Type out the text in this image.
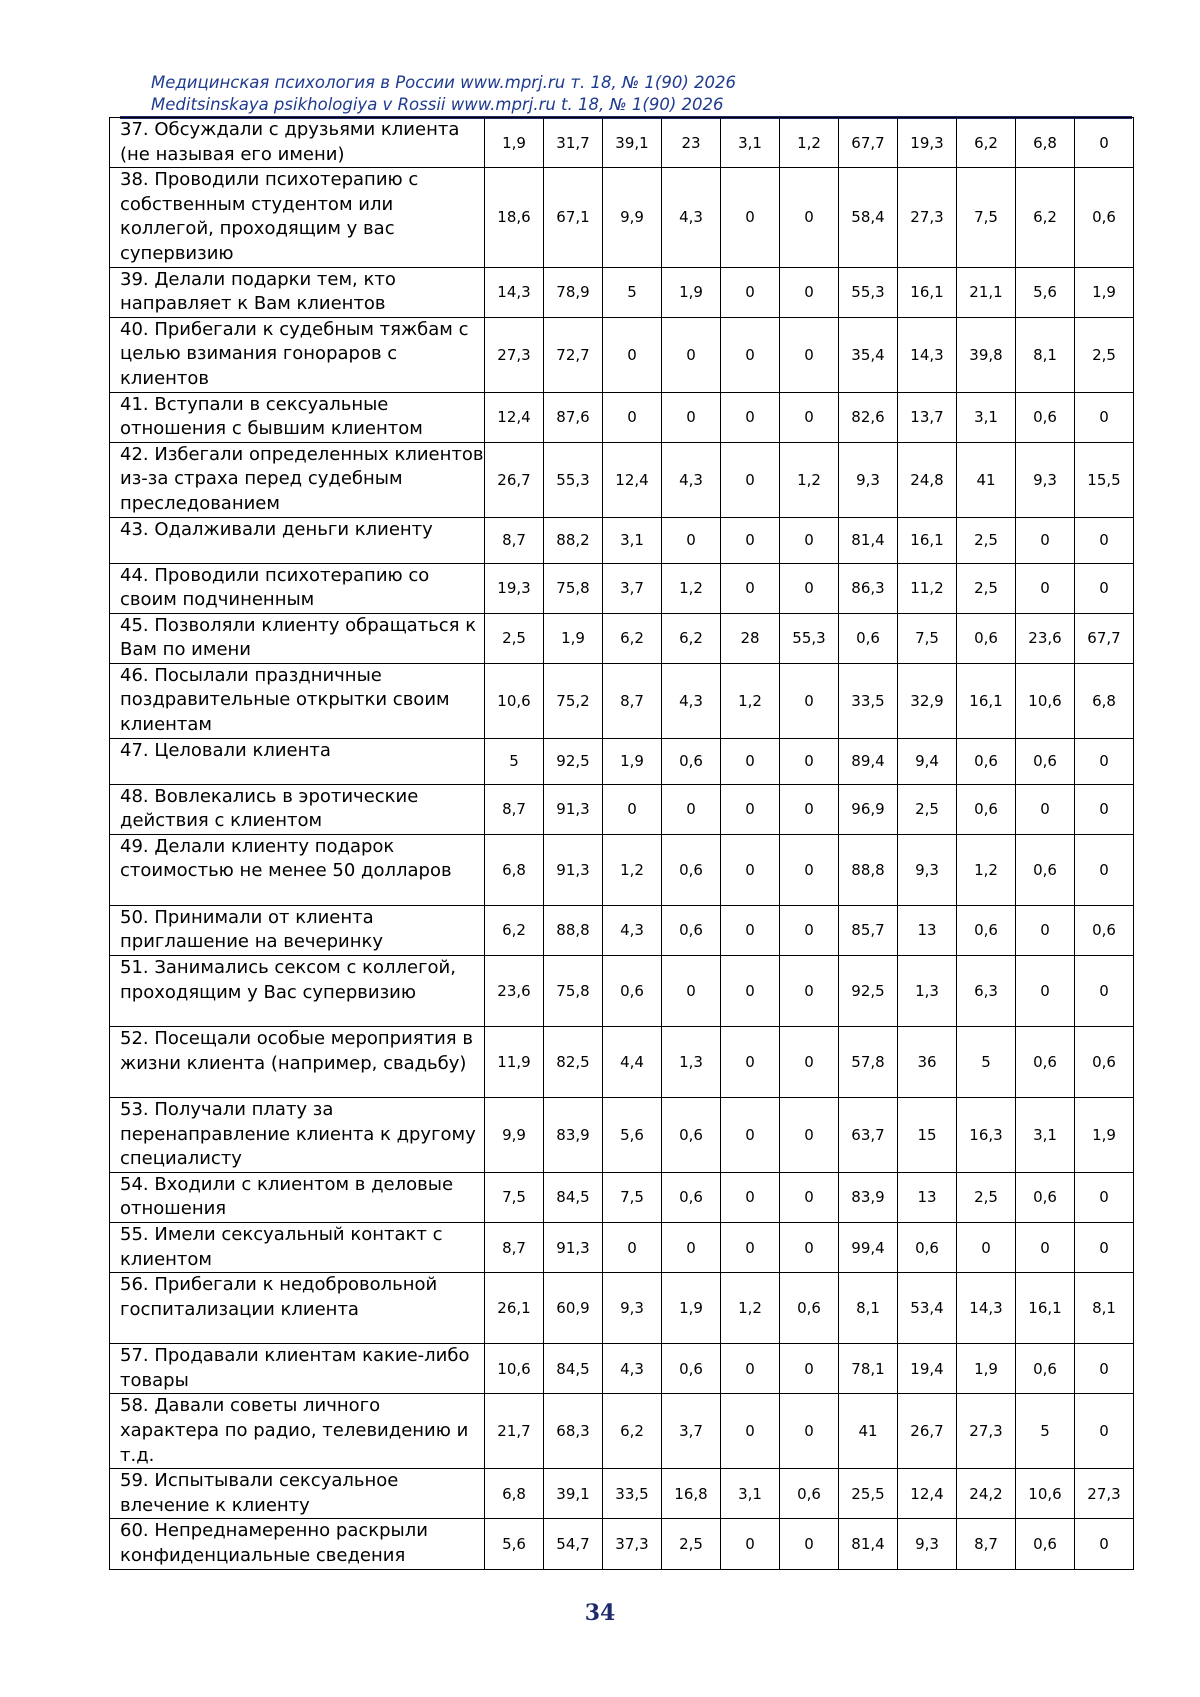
Медицинская психология в России www.mprj.ru т. 18, № 1(90) 2026
Meditsinskaya psikhologiya v Rossii www.mprj.ru t. 18, № 1(90) 2026
37. Обсуждали с друзьями клиента (не называя его имени)	1,9	31,7	39,1	23	3,1	1,2	67,7	19,3	6,2	6,8	0
38. Проводили психотерапию с собственным студентом или коллегой, проходящим у вас супервизию	18,6	67,1	9,9	4,3	0	0	58,4	27,3	7,5	6,2	0,6
39. Делали подарки тем, кто направляет к Вам клиентов	14,3	78,9	5	1,9	0	0	55,3	16,1	21,1	5,6	1,9
40. Прибегали к судебным тяжбам с целью взимания гонораров с клиентов	27,3	72,7	0	0	0	0	35,4	14,3	39,8	8,1	2,5
41. Вступали в сексуальные отношения с бывшим клиентом	12,4	87,6	0	0	0	0	82,6	13,7	3,1	0,6	0
42. Избегали определенных клиентов из-за страха перед судебным преследованием	26,7	55,3	12,4	4,3	0	1,2	9,3	24,8	41	9,3	15,5
43. Одалживали деньги клиенту	8,7	88,2	3,1	0	0	0	81,4	16,1	2,5	0	0
44. Проводили психотерапию со своим подчиненным	19,3	75,8	3,7	1,2	0	0	86,3	11,2	2,5	0	0
45. Позволяли клиенту обращаться к Вам по имени	2,5	1,9	6,2	6,2	28	55,3	0,6	7,5	0,6	23,6	67,7
46. Посылали праздничные поздравительные открытки своим клиентам	10,6	75,2	8,7	4,3	1,2	0	33,5	32,9	16,1	10,6	6,8
47. Целовали клиента	5	92,5	1,9	0,6	0	0	89,4	9,4	0,6	0,6	0
48. Вовлекались в эротические действия с клиентом	8,7	91,3	0	0	0	0	96,9	2,5	0,6	0	0
49. Делали клиенту подарок стоимостью не менее 50 долларов	6,8	91,3	1,2	0,6	0	0	88,8	9,3	1,2	0,6	0
50. Принимали от клиента приглашение на вечеринку	6,2	88,8	4,3	0,6	0	0	85,7	13	0,6	0	0,6
51. Занимались сексом с коллегой, проходящим у Вас супервизию	23,6	75,8	0,6	0	0	0	92,5	1,3	6,3	0	0
52. Посещали особые мероприятия в жизни клиента (например, свадьбу)	11,9	82,5	4,4	1,3	0	0	57,8	36	5	0,6	0,6
53. Получали плату за перенаправление клиента к другому специалисту	9,9	83,9	5,6	0,6	0	0	63,7	15	16,3	3,1	1,9
54. Входили с клиентом в деловые отношения	7,5	84,5	7,5	0,6	0	0	83,9	13	2,5	0,6	0
55. Имели сексуальный контакт с клиентом	8,7	91,3	0	0	0	0	99,4	0,6	0	0	0
56. Прибегали к недобровольной госпитализации клиента	26,1	60,9	9,3	1,9	1,2	0,6	8,1	53,4	14,3	16,1	8,1
57. Продавали клиентам какие-либо товары	10,6	84,5	4,3	0,6	0	0	78,1	19,4	1,9	0,6	0
58. Давали советы личного характера по радио, телевидению и т.д.	21,7	68,3	6,2	3,7	0	0	41	26,7	27,3	5	0
59. Испытывали сексуальное влечение к клиенту	6,8	39,1	33,5	16,8	3,1	0,6	25,5	12,4	24,2	10,6	27,3
60. Непреднамеренно раскрыли конфиденциальные сведения	5,6	54,7	37,3	2,5	0	0	81,4	9,3	8,7	0,6	0
34
